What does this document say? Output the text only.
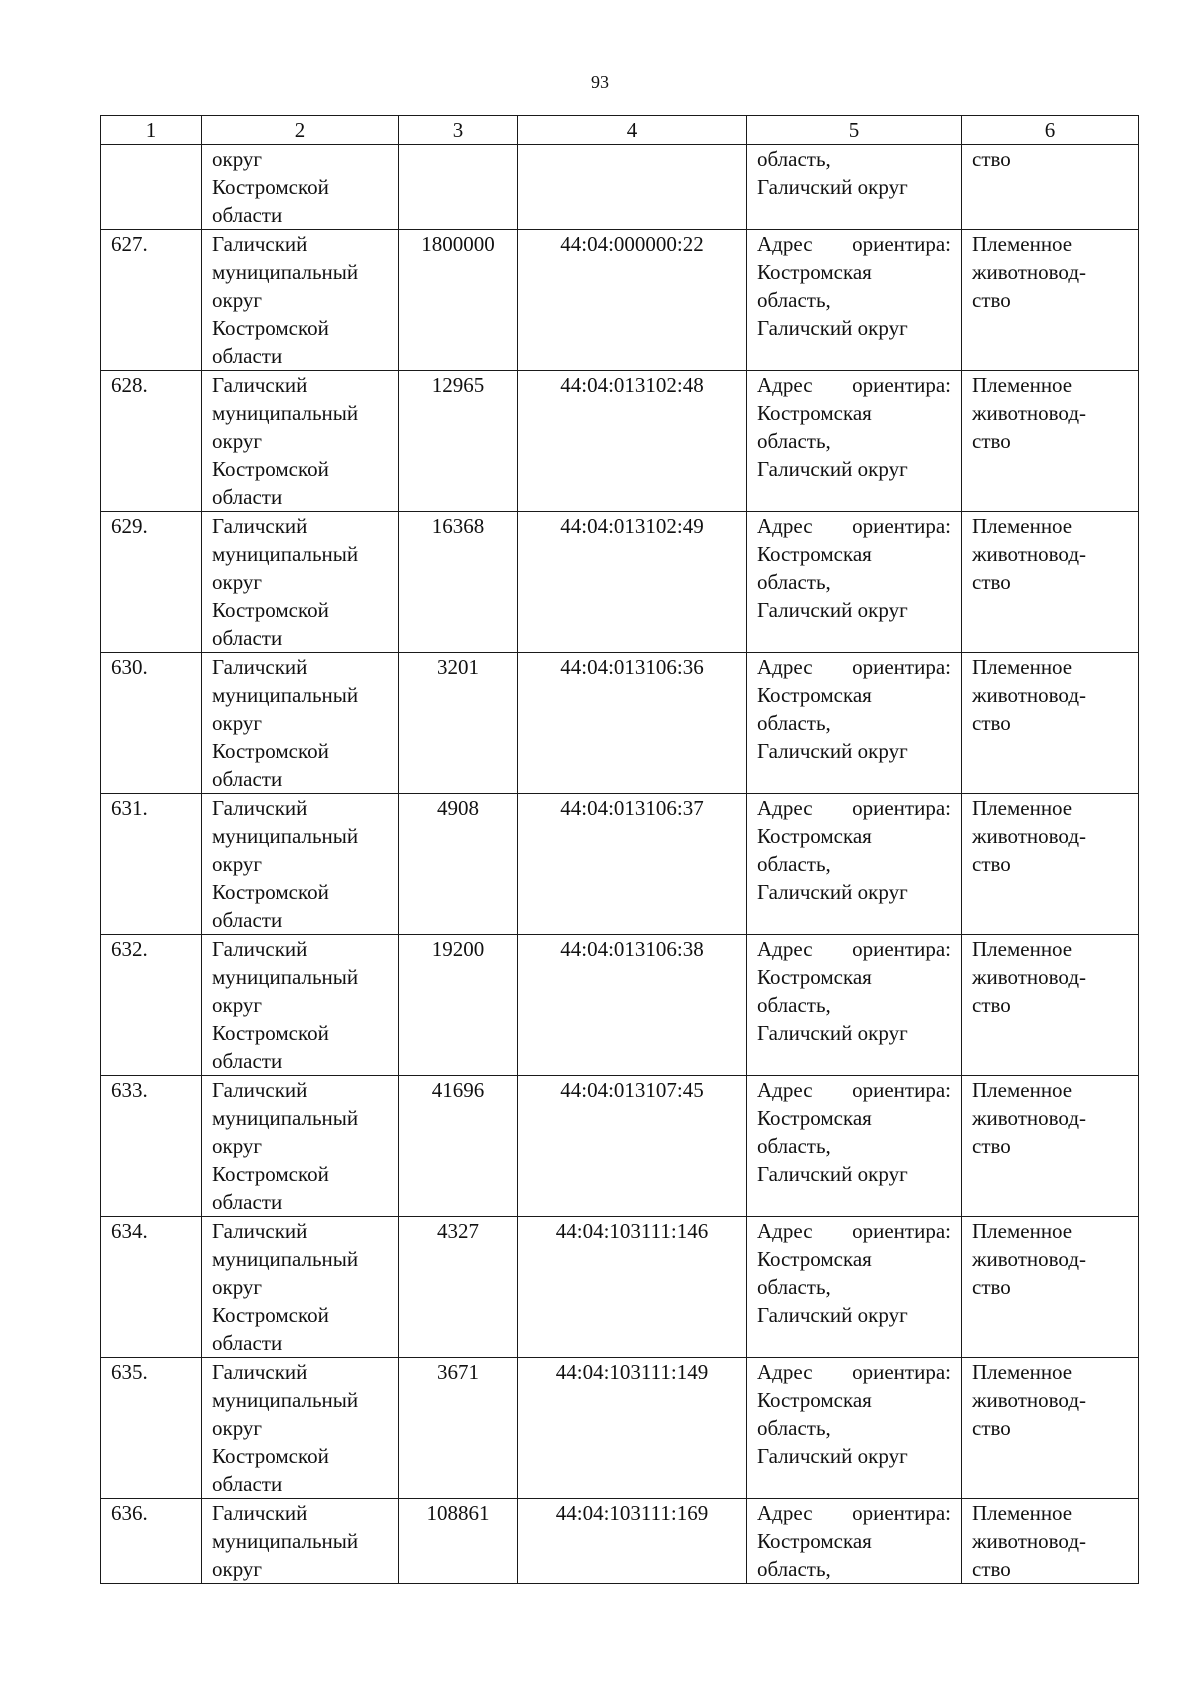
93
1	2	3	4	5	6
	округ
Костромской
области			область,
Галичский округ	ство
627.	Галичский
муниципальный
округ
Костромской
области	1800000	44:04:000000:22	Адрес ориентира:
Костромская
область,
Галичский округ	Племенное
животновод-
ство
628.	Галичский
муниципальный
округ
Костромской
области	12965	44:04:013102:48	Адрес ориентира:
Костромская
область,
Галичский округ	Племенное
животновод-
ство
629.	Галичский
муниципальный
округ
Костромской
области	16368	44:04:013102:49	Адрес ориентира:
Костромская
область,
Галичский округ	Племенное
животновод-
ство
630.	Галичский
муниципальный
округ
Костромской
области	3201	44:04:013106:36	Адрес ориентира:
Костромская
область,
Галичский округ	Племенное
животновод-
ство
631.	Галичский
муниципальный
округ
Костромской
области	4908	44:04:013106:37	Адрес ориентира:
Костромская
область,
Галичский округ	Племенное
животновод-
ство
632.	Галичский
муниципальный
округ
Костромской
области	19200	44:04:013106:38	Адрес ориентира:
Костромская
область,
Галичский округ	Племенное
животновод-
ство
633.	Галичский
муниципальный
округ
Костромской
области	41696	44:04:013107:45	Адрес ориентира:
Костромская
область,
Галичский округ	Племенное
животновод-
ство
634.	Галичский
муниципальный
округ
Костромской
области	4327	44:04:103111:146	Адрес ориентира:
Костромская
область,
Галичский округ	Племенное
животновод-
ство
635.	Галичский
муниципальный
округ
Костромской
области	3671	44:04:103111:149	Адрес ориентира:
Костромская
область,
Галичский округ	Племенное
животновод-
ство
636.	Галичский
муниципальный
округ	108861	44:04:103111:169	Адрес ориентира:
Костромская
область,	Племенное
животновод-
ство
